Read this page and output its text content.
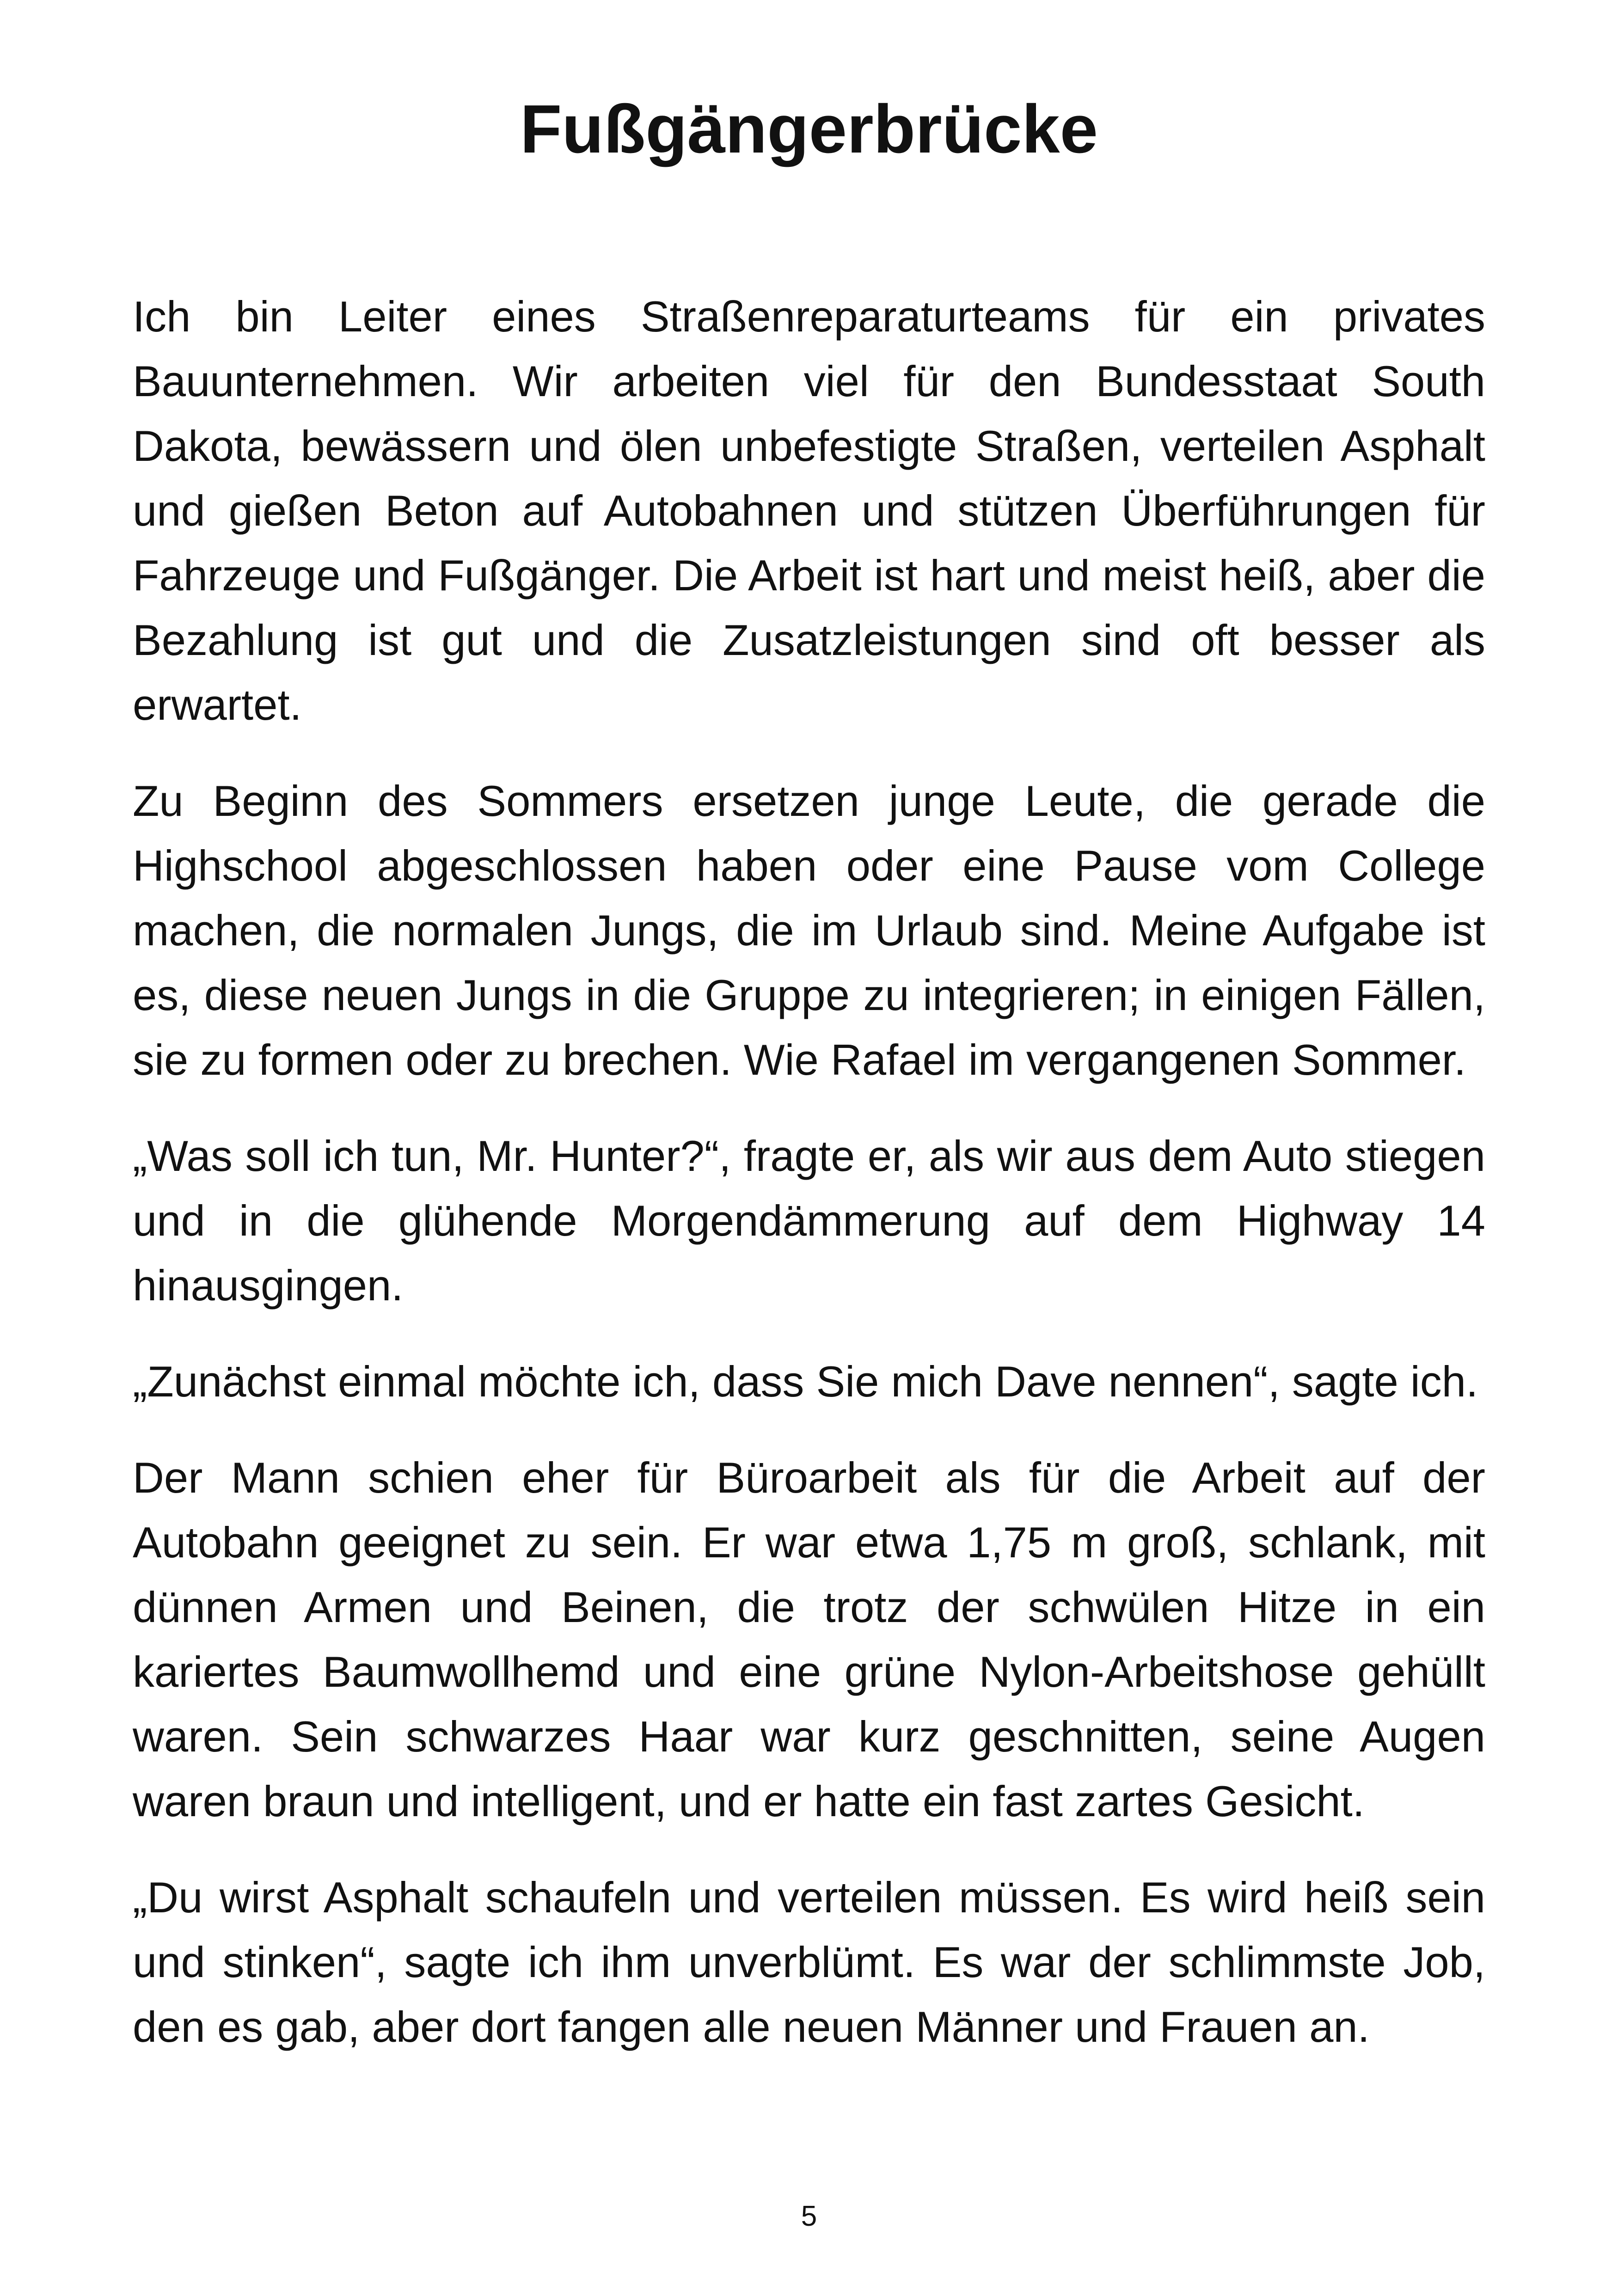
Fußgängerbrücke

Ich bin Leiter eines Straßenreparaturteams für ein privates Bauunternehmen. Wir arbeiten viel für den Bundesstaat South Dakota, bewässern und ölen unbefestigte Straßen, verteilen Asphalt und gießen Beton auf Autobahnen und stützen Überführungen für Fahrzeuge und Fußgänger. Die Arbeit ist hart und meist heiß, aber die Bezahlung ist gut und die Zusatzleistungen sind oft besser als erwartet.

Zu Beginn des Sommers ersetzen junge Leute, die gerade die Highschool abgeschlossen haben oder eine Pause vom College machen, die normalen Jungs, die im Urlaub sind. Meine Aufgabe ist es, diese neuen Jungs in die Gruppe zu integrieren; in einigen Fällen, sie zu formen oder zu brechen. Wie Rafael im vergangenen Sommer.

„Was soll ich tun, Mr. Hunter?“, fragte er, als wir aus dem Auto stiegen und in die glühende Morgendämmerung auf dem Highway 14 hinausgingen.

„Zunächst einmal möchte ich, dass Sie mich Dave nennen“, sagte ich.

Der Mann schien eher für Büroarbeit als für die Arbeit auf der Autobahn geeignet zu sein. Er war etwa 1,75 m groß, schlank, mit dünnen Armen und Beinen, die trotz der schwülen Hitze in ein kariertes Baumwollhemd und eine grüne Nylon-Arbeitshose gehüllt waren. Sein schwarzes Haar war kurz geschnitten, seine Augen waren braun und intelligent, und er hatte ein fast zartes Gesicht.

„Du wirst Asphalt schaufeln und verteilen müssen. Es wird heiß sein und stinken“, sagte ich ihm unverblümt. Es war der schlimmste Job, den es gab, aber dort fangen alle neuen Männer und Frauen an.

5
